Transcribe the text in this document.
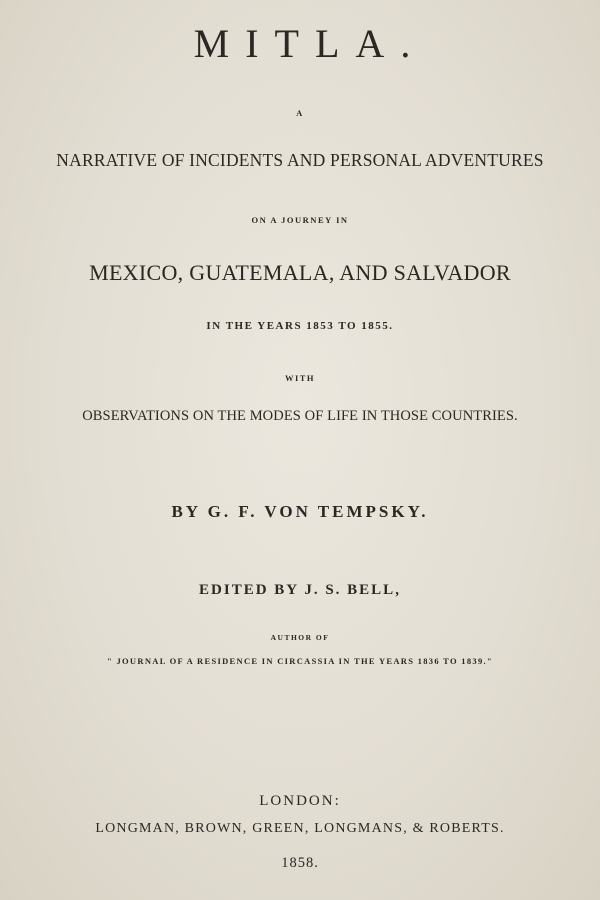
MITLA.
A
NARRATIVE OF INCIDENTS AND PERSONAL ADVENTURES
ON A JOURNEY IN
MEXICO, GUATEMALA, AND SALVADOR
IN THE YEARS 1853 TO 1855.
WITH
OBSERVATIONS ON THE MODES OF LIFE IN THOSE COUNTRIES.
BY G. F. VON TEMPSKY.
EDITED BY J. S. BELL,
AUTHOR OF
" JOURNAL OF A RESIDENCE IN CIRCASSIA IN THE YEARS 1836 TO 1839."
LONDON:
LONGMAN, BROWN, GREEN, LONGMANS, & ROBERTS.
1858.
